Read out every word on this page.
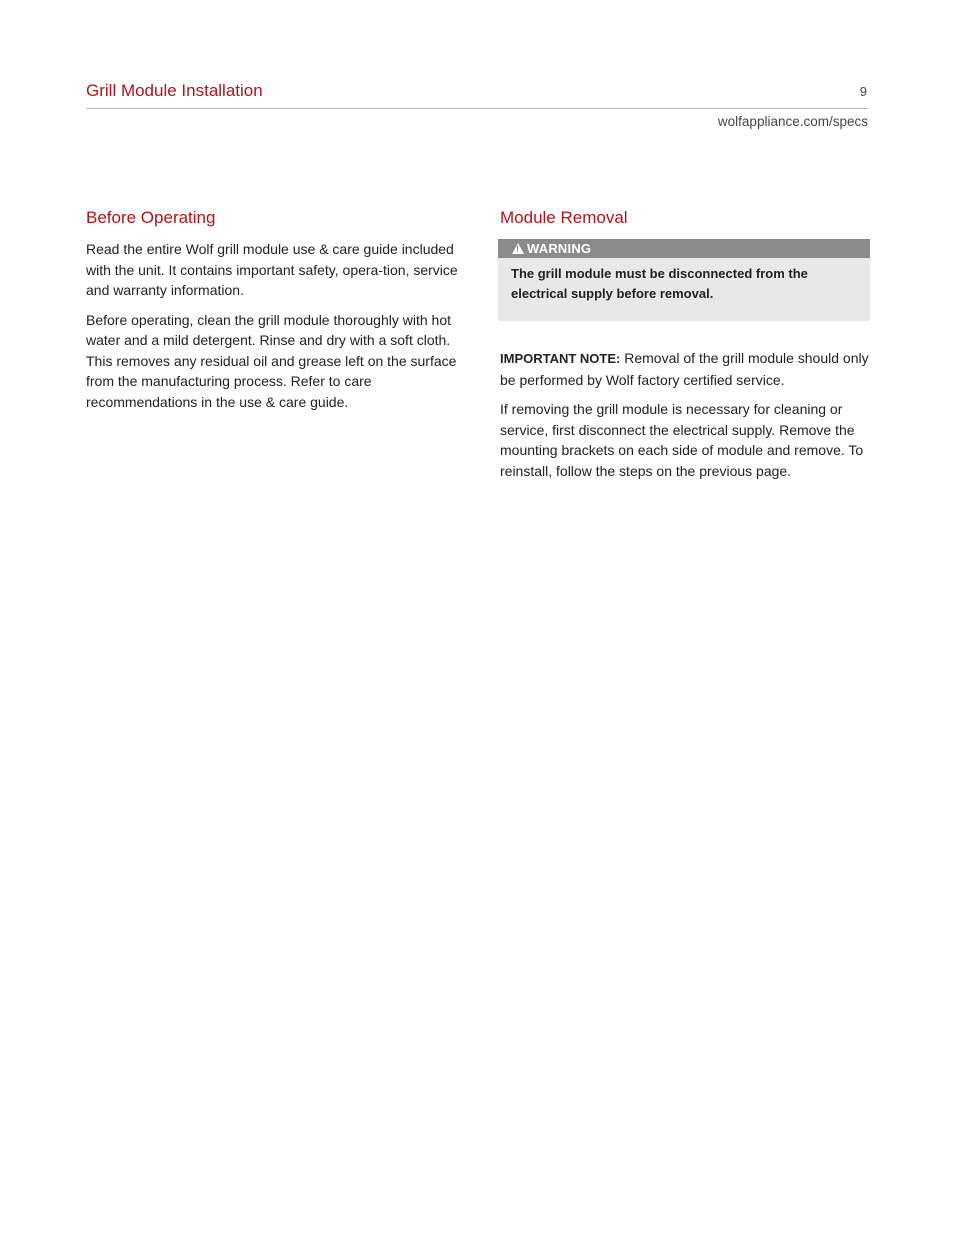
Grill Module Installation	9
wolfappliance.com/specs
Before Operating

Read the entire Wolf grill module use & care guide included with the unit. It contains important safety, opera-tion, service and warranty information.

Before operating, clean the grill module thoroughly with hot water and a mild detergent. Rinse and dry with a soft cloth. This removes any residual oil and grease left on the surface from the manufacturing process. Refer to care recommendations in the use & care guide.

Module Removal
!
WARNING
The grill module must be disconnected from the electrical supply before removal.

IMPORTANT NOTE: Removal of the grill module should only be performed by Wolf factory certified service.

If removing the grill module is necessary for cleaning or service, first disconnect the electrical supply. Remove the mounting brackets on each side of module and remove. To reinstall, follow the steps on the previous page.
